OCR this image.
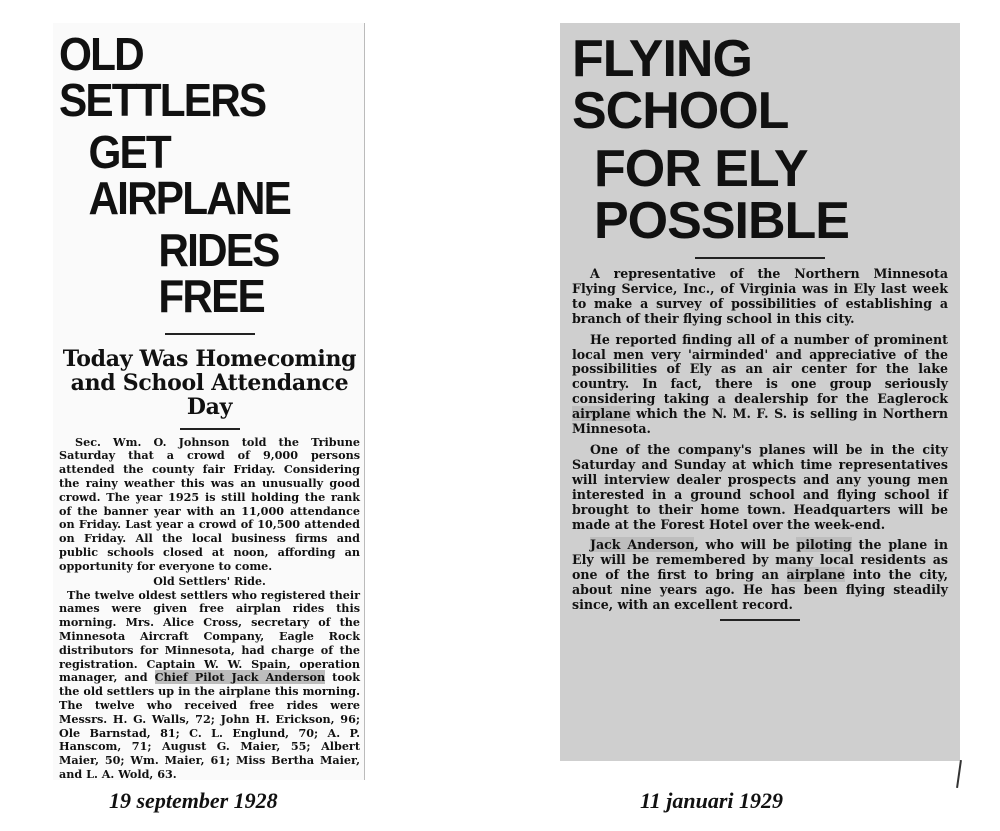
OLD SETTLERS
GET AIRPLANE
RIDES FREE
Today Was Homecoming and School Attendance Day

Sec. Wm. O. Johnson told the Tribune Saturday that a crowd of 9,000 persons attended the county fair Friday. Considering the rainy weather this was an unusually good crowd. The year 1925 is still holding the rank of the banner year with an 11,000 attendance on Friday. Last year a crowd of 10,500 attended on Friday. All the local business firms and public schools closed at noon, affording an opportunity for everyone to come.

Old Settlers' Ride.

The twelve oldest settlers who registered their names were given free airplan rides this morning. Mrs. Alice Cross, secretary of the Minnesota Aircraft Company, Eagle Rock distributors for Minnesota, had charge of the registration. Captain W. W. Spain, operation manager, and Chief Pilot Jack Anderson took the old settlers up in the airplane this morning. The twelve who received free rides were Messrs. H. G. Walls, 72; John H. Erickson, 96; Ole Barnstad, 81; C. L. Englund, 70; A. P. Hanscom, 71; August G. Maier, 55; Albert Maier, 50; Wm. Maier, 61; Miss Bertha Maier, and L. A. Wold, 63.

FLYING SCHOOL
FOR ELY POSSIBLE

A representative of the Northern Minnesota Flying Service, Inc., of Virginia was in Ely last week to make a survey of possibilities of establishing a branch of their flying school in this city.

He reported finding all of a number of prominent local men very 'airminded' and appreciative of the possibilities of Ely as an air center for the lake country. In fact, there is one group seriously considering taking a dealership for the Eaglerock airplane which the N. M. F. S. is selling in Northern Minnesota.

One of the company's planes will be in the city Saturday and Sunday at which time representatives will interview dealer prospects and any young men interested in a ground school and flying school if brought to their home town. Headquarters will be made at the Forest Hotel over the week-end.

Jack Anderson, who will be piloting the plane in Ely will be remembered by many local residents as one of the first to bring an airplane into the city, about nine years ago. He has been flying steadily since, with an excellent record.

19 september 1928	11 januari 1929
